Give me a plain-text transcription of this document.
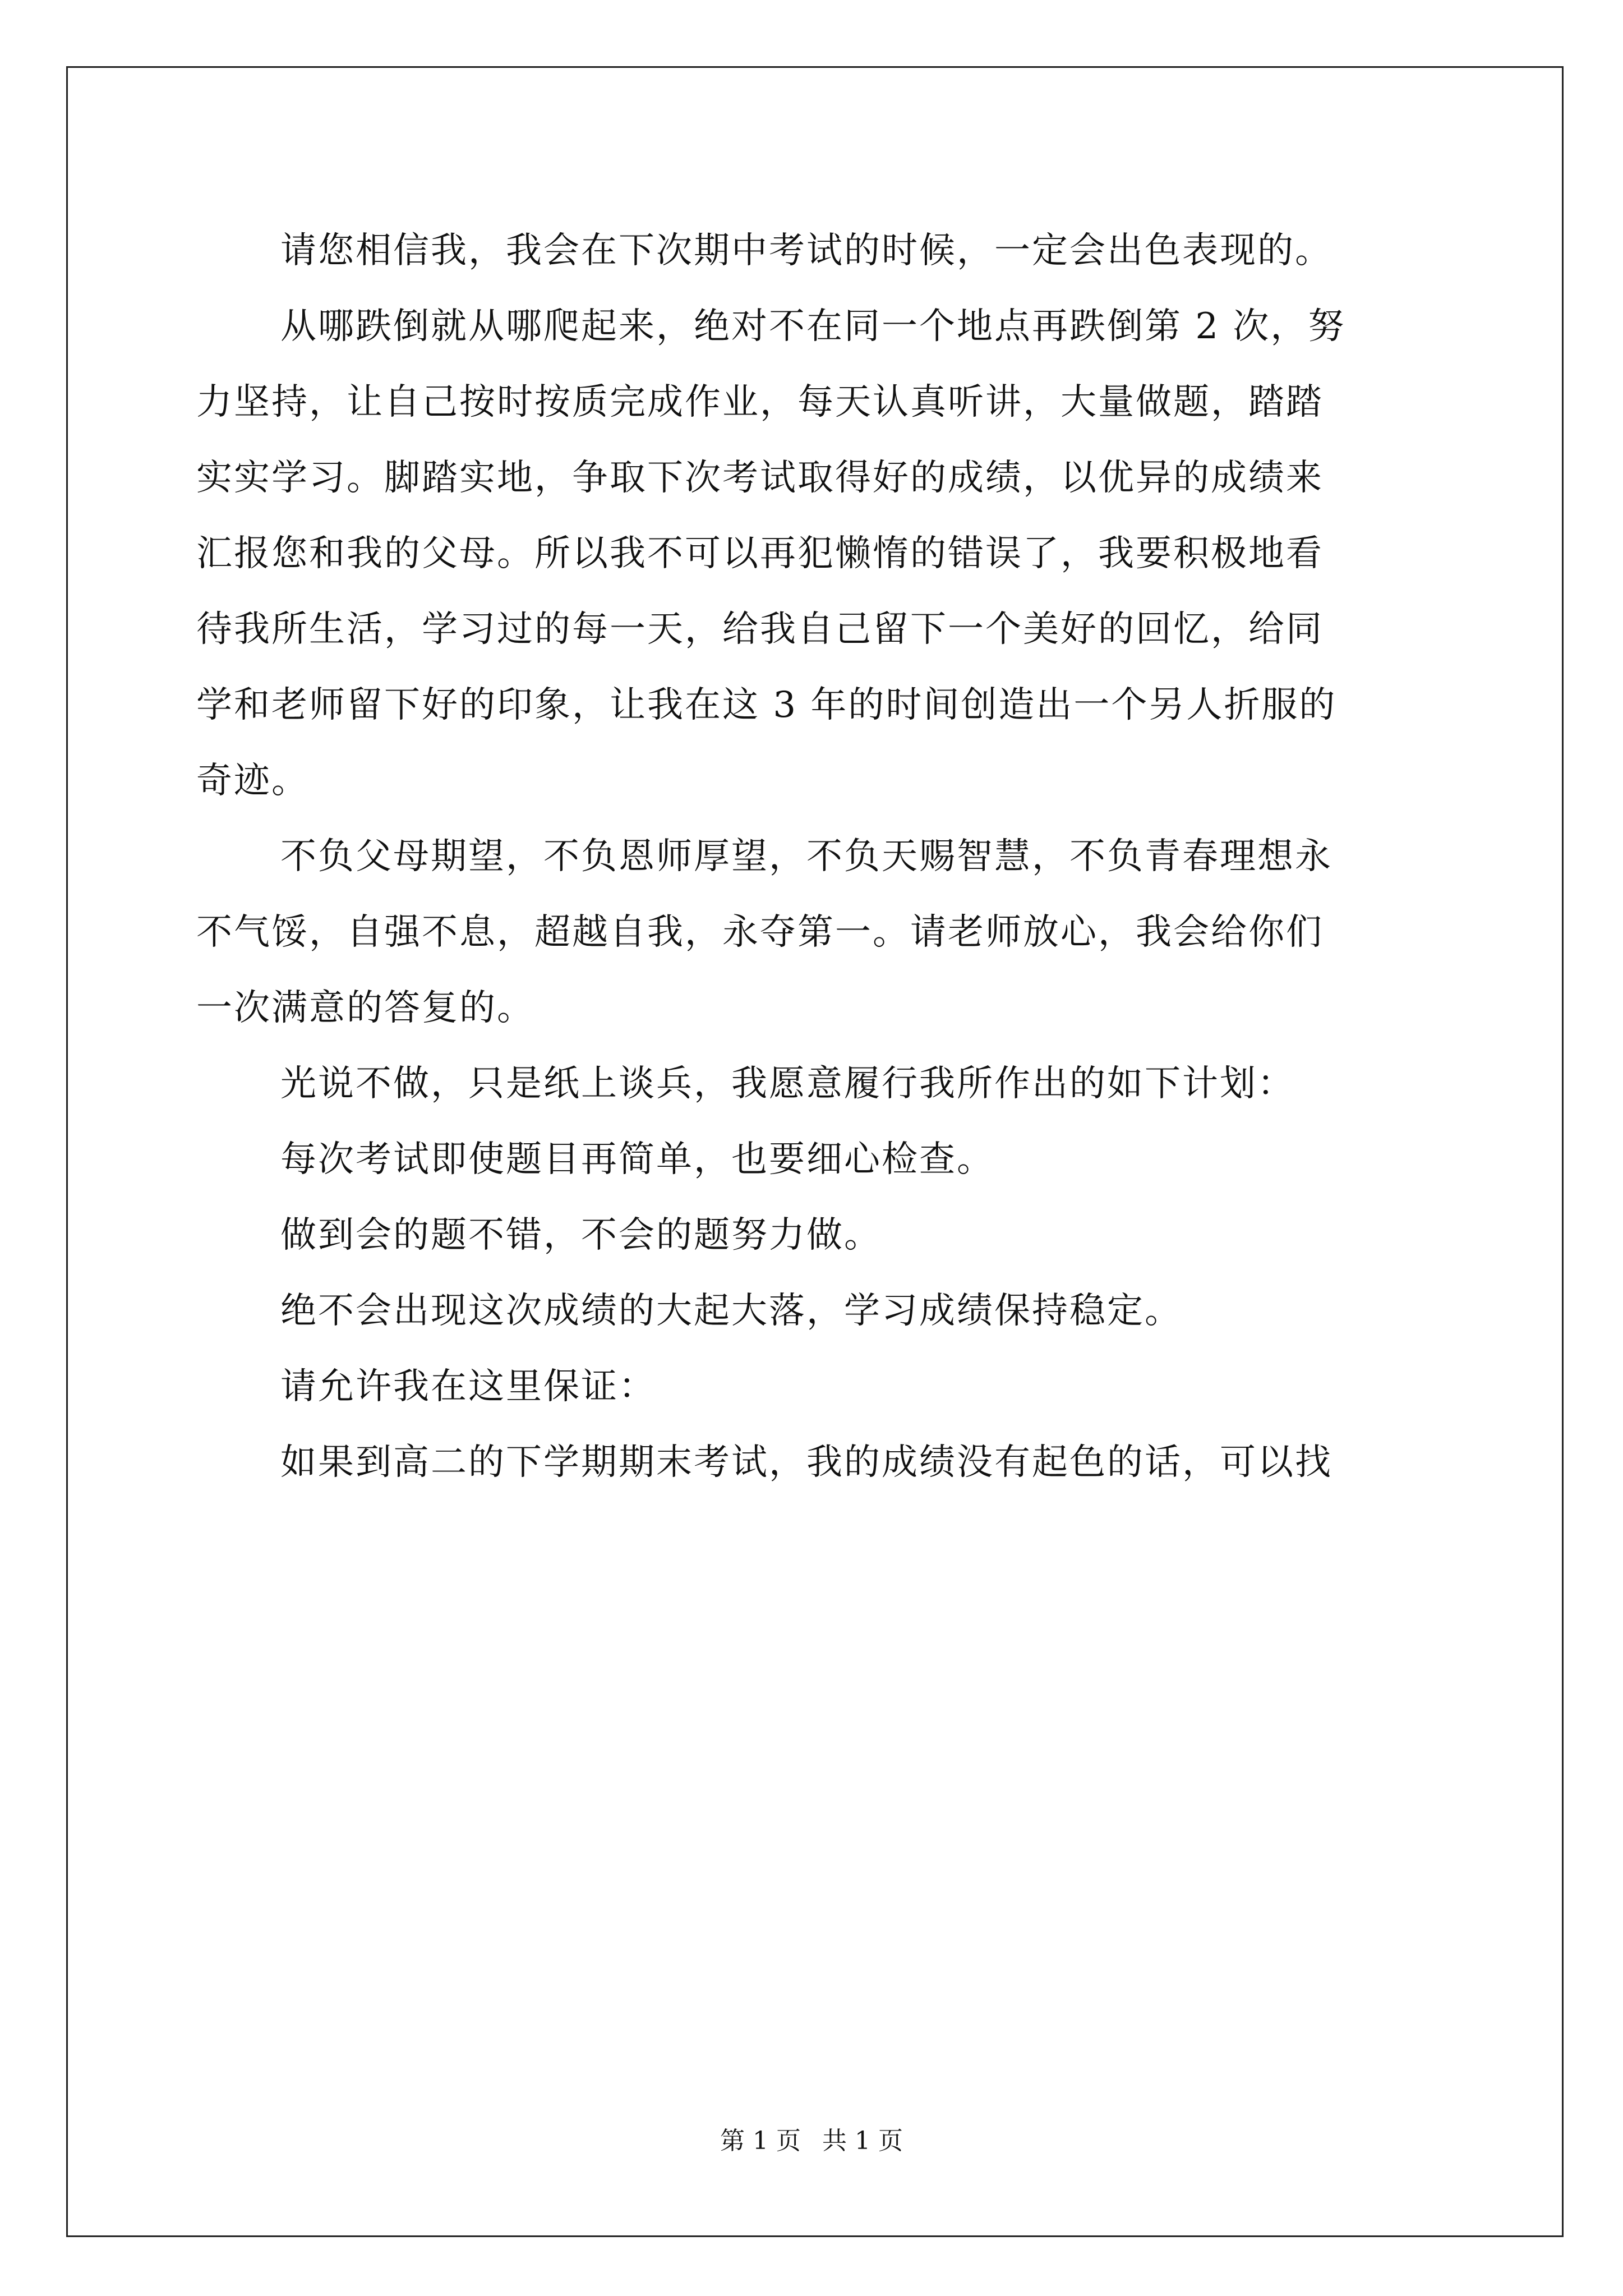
请您相信我，我会在下次期中考试的时候，一定会出色表现的。

从哪跌倒就从哪爬起来，绝对不在同一个地点再跌倒第 2 次，努
力坚持，让自己按时按质完成作业，每天认真听讲，大量做题，踏踏
实实学习。脚踏实地，争取下次考试取得好的成绩，以优异的成绩来
汇报您和我的父母。所以我不可以再犯懒惰的错误了，我要积极地看
待我所生活，学习过的每一天，给我自己留下一个美好的回忆，给同
学和老师留下好的印象，让我在这 3 年的时间创造出一个另人折服的
奇迹。

不负父母期望，不负恩师厚望，不负天赐智慧，不负青春理想永
不气馁，自强不息，超越自我，永夺第一。请老师放心，我会给你们
一次满意的答复的。

光说不做，只是纸上谈兵，我愿意履行我所作出的如下计划：

每次考试即使题目再简单，也要细心检查。

做到会的题不错，不会的题努力做。

绝不会出现这次成绩的大起大落，学习成绩保持稳定。

请允许我在这里保证：

如果到高二的下学期期末考试，我的成绩没有起色的话，可以找

第 1 页 共 1 页
